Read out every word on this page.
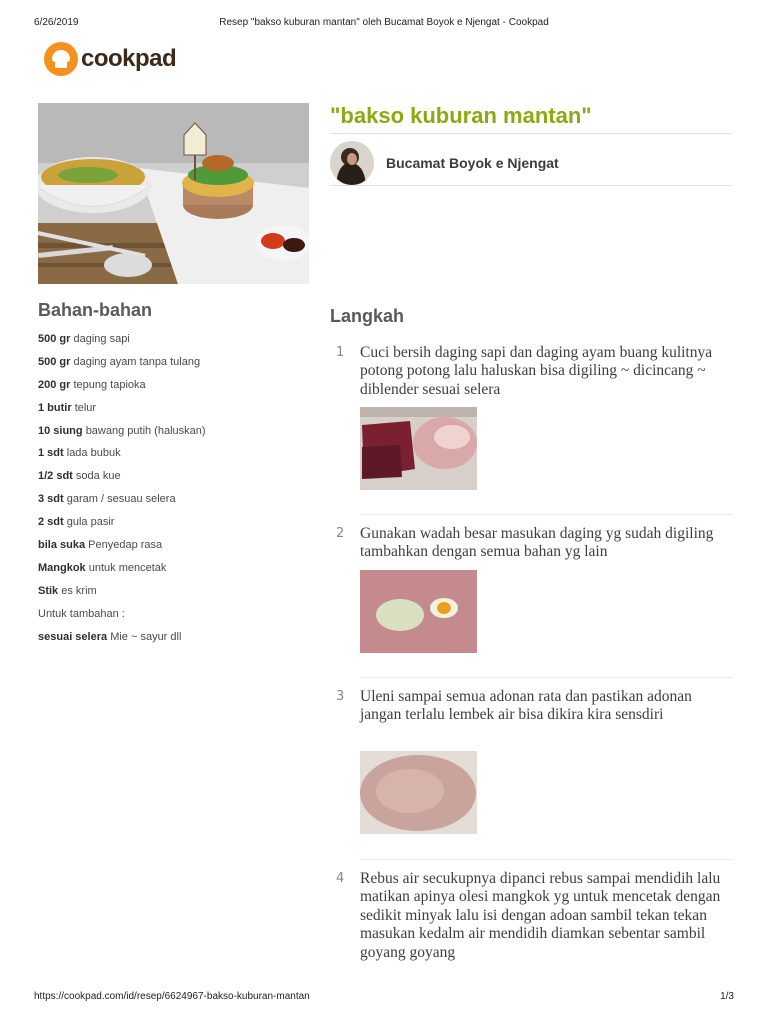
6/26/2019	Resep "bakso kuburan mantan" oleh Bucamat Boyok e Njengat - Cookpad
cookpad
"bakso kuburan mantan"
Bucamat Boyok e Njengat
Bahan-bahan
500 gr daging sapi
500 gr daging ayam tanpa tulang
200 gr tepung tapioka
1 butir telur
10 siung bawang putih (haluskan)
1 sdt lada bubuk
1/2 sdt soda kue
3 sdt garam / sesuau selera
2 sdt gula pasir
bila suka Penyedap rasa
Mangkok untuk mencetak
Stik es krim
Untuk tambahan :
sesuai selera Mie ~ sayur dll
Langkah
1 Cuci bersih daging sapi dan daging ayam buang kulitnya potong potong lalu haluskan bisa digiling ~ dicincang ~ diblender sesuai selera
2 Gunakan wadah besar masukan daging yg sudah digiling tambahkan dengan semua bahan yg lain
3 Uleni sampai semua adonan rata dan pastikan adonan jangan terlalu lembek air bisa dikira kira sensdiri
4 Rebus air secukupnya dipanci rebus sampai mendidih lalu matikan apinya olesi mangkok yg untuk mencetak dengan sedikit minyak lalu isi dengan adoan sambil tekan tekan masukan kedalm air mendidih diamkan sebentar sambil goyang goyang
https://cookpad.com/id/resep/6624967-bakso-kuburan-mantan	1/3
